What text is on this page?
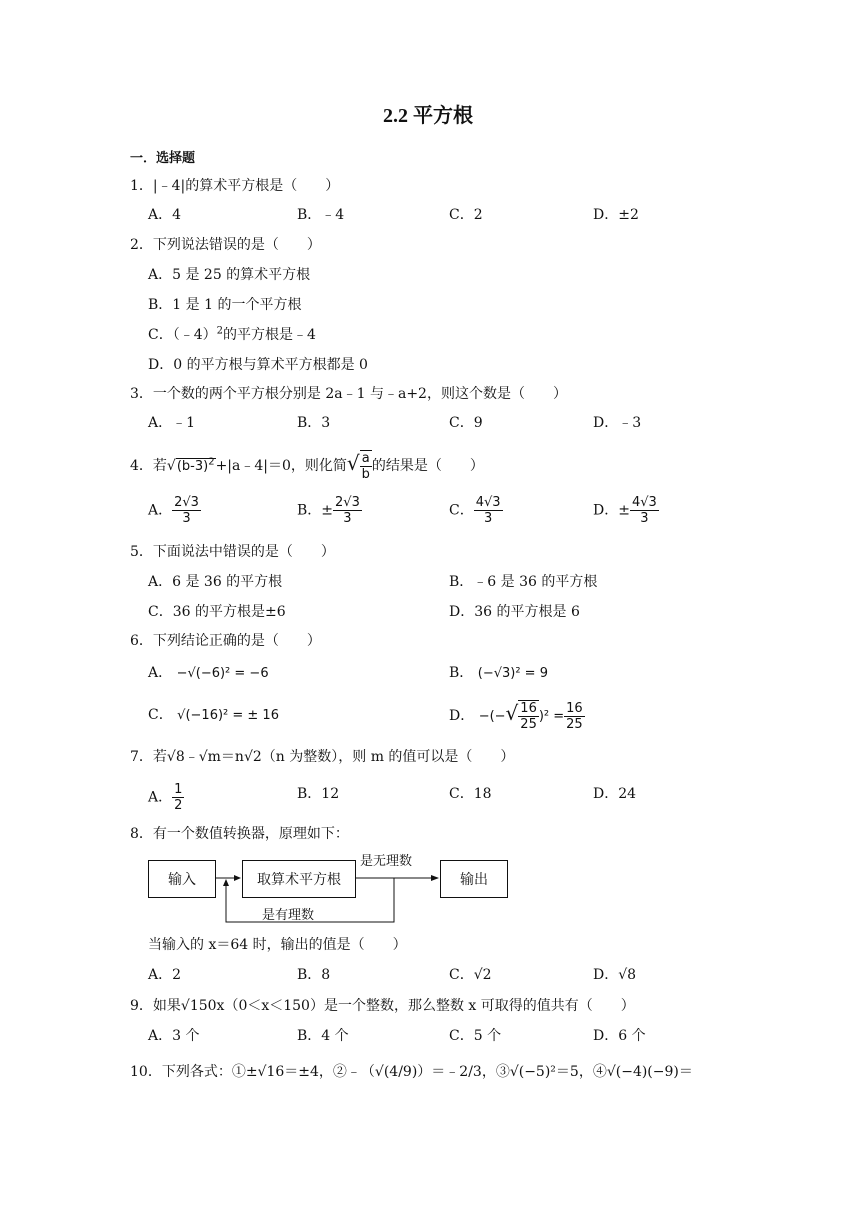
2.2 平方根
一．选择题
1．|﹣4|的算术平方根是（　　）
A．4	B．﹣4	C．2	D．±2
2．下列说法错误的是（　　）
A．5 是 25 的算术平方根
B．1 是 1 的一个平方根
C．（﹣4）$^2$的平方根是﹣4
D．0 的平方根与算术平方根都是 0
3．一个数的两个平方根分别是 2a﹣1 与﹣a+2，则这个数是（　　）
A．﹣1	B．3	C．9	D．﹣3
4．若$√(b-3)^2+|a﹣4|=0$，则化简√ $\frac{a}{b}$ 的结果是（　　）
A． $\frac{2√3}{3}$	B．± $\frac{2√3}{3}$	C． $\frac{4√3}{3}$	D．± $\frac{4√3}{3}$
5．下面说法中错误的是（　　）
A．6 是 36 的平方根	B．﹣6 是 36 的平方根
C．36 的平方根是±6	D．36 的平方根是 6
6．下列结论正确的是（　　）
A． −√(−6)² = −6	B． (−√3)² = 9
C． √(−16)² = ± 16	D． −(−√ $\frac{16}{25} )^2 = \frac{16}{25}$
7．若√8﹣√m＝n√2（n 为整数），则 m 的值可以是（　　）
A． $\frac{1}{2}$	B．12	C．18	D．24
8．有一个数值转换器，原理如下：
输入	取算术平方根	输出
是无理数
是有理数
当输入的 x＝64 时，输出的值是（　　）
A．2	B．8	C．√2	D．√8
9．如果√150x（0＜x＜150）是一个整数，那么整数 x 可取得的值共有（　　）
A．3 个	B．4 个	C．5 个	D．6 个
10．下列各式：①±√16＝±4，②﹣（√(4/9)）＝﹣2/3，③√(−5)²＝5，④√(−4)(−9)＝
